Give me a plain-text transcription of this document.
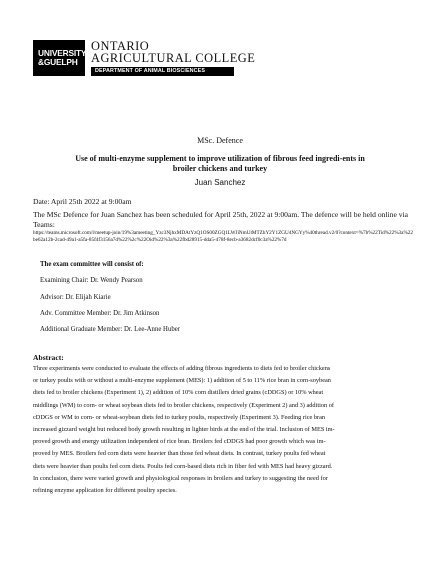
UNIVERSITY
&GUELPH
ONTARIO
AGRICULTURAL COLLEGE
DEPARTMENT OF ANIMAL BIOSCIENCES
MSc. Defence
Use of multi-enzyme supplement to improve utilization of fibrous feed ingredi-ents in broiler chickens and turkey
Juan Sanchez
Date: April 25th 2022 at 9:00am
The MSc Defence for Juan Sanchez has been scheduled for April 25th, 2022 at 9:00am. The defence will be held online via Teams:
https://teams.microsoft.com/l/meetup-join/19%3ameeting_Yzc3NjhxMDAtYzQ1OS00ZGQ1LWJiNmUtMTZhY2Y1ZGU4NGYy%40thread.v2/0?context=%7b%22Tid%22%3a%22be62a12b-2cad-49a1-a5fa-85f4f3156a7d%22%2c%22Oid%22%3a%22fbd28915-dda5-478f-8ecb-a3682dcf0c3a%22%7d
The exam committee will consist of:
Examining Chair: Dr. Wendy Pearson
Advisor: Dr. Elijah Kiarie
Adv. Committee Member: Dr. Jim Atkinson
Additional Graduate Member: Dr. Lee-Anne Huber
Abstract:
Three experiments were conducted to evaluate the effects of adding fibrous ingredients to diets fed to broiler chickens
or turkey poults with or without a multi-enzyme supplement (MES): 1) addition of 5 to 11% rice bran in corn-soybean
diets fed to broiler chickens (Experiment 1), 2) addition of 10% corn distillers dried grains (cDDGS) or 10% wheat
middlings (WM) to corn- or wheat soybean diets fed to broiler chickens, respectively (Experiment 2) and 3) addition of
cDDGS or WM to corn- or wheat-soybean diets fed to turkey poults, respectively (Experiment 3). Feeding rice bran
increased gizzard weight but reduced body growth resulting in lighter birds at the end of the trial. Inclusion of MES im-
proved growth and energy utilization independent of rice bran. Broilers fed cDDGS had poor growth which was im-
proved by MES. Broilers fed corn diets were heavier than those fed wheat diets. In contrast, turkey poults fed wheat
diets were heavier than poults fed corn diets. Poults fed corn-based diets rich in fiber fed with MES had heavy gizzard.
In conclusion, there were varied growth and physiological responses in broilers and turkey to suggesting the need for
refining enzyme application for different poultry species.
